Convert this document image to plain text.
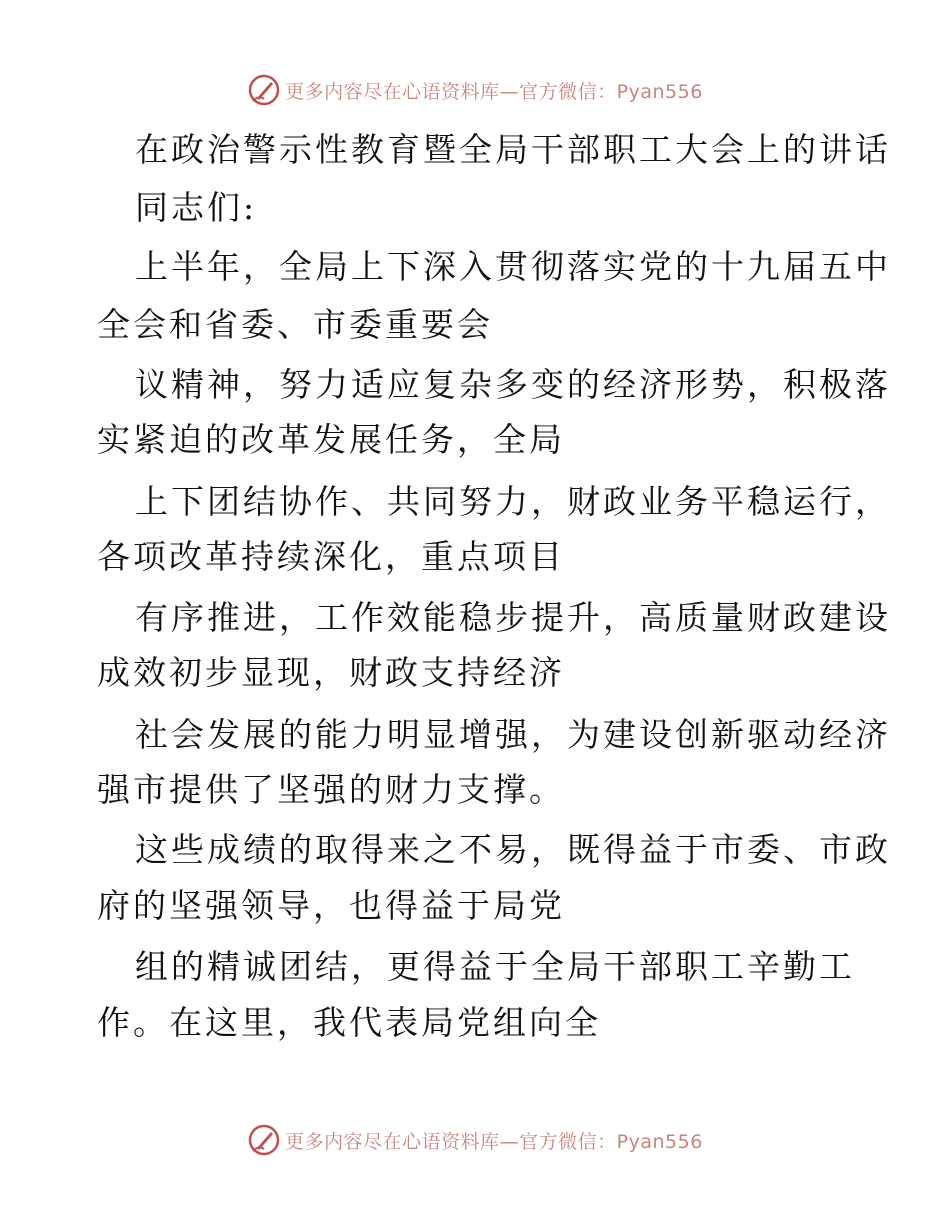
更多内容尽在心语资料库—官方微信：Pyan556
在政治警示性教育暨全局干部职工大会上的讲话
同志们:
上半年，全局上下深入贯彻落实党的十九届五中
全会和省委、市委重要会
议精神，努力适应复杂多变的经济形势，积极落
实紧迫的改革发展任务，全局
上下团结协作、共同努力，财政业务平稳运行，
各项改革持续深化，重点项目
有序推进，工作效能稳步提升，高质量财政建设
成效初步显现，财政支持经济
社会发展的能力明显增强，为建设创新驱动经济
强市提供了坚强的财力支撑。
这些成绩的取得来之不易，既得益于市委、市政
府的坚强领导，也得益于局党
组的精诚团结，更得益于全局干部职工辛勤工
作。在这里，我代表局党组向全
更多内容尽在心语资料库—官方微信：Pyan556
